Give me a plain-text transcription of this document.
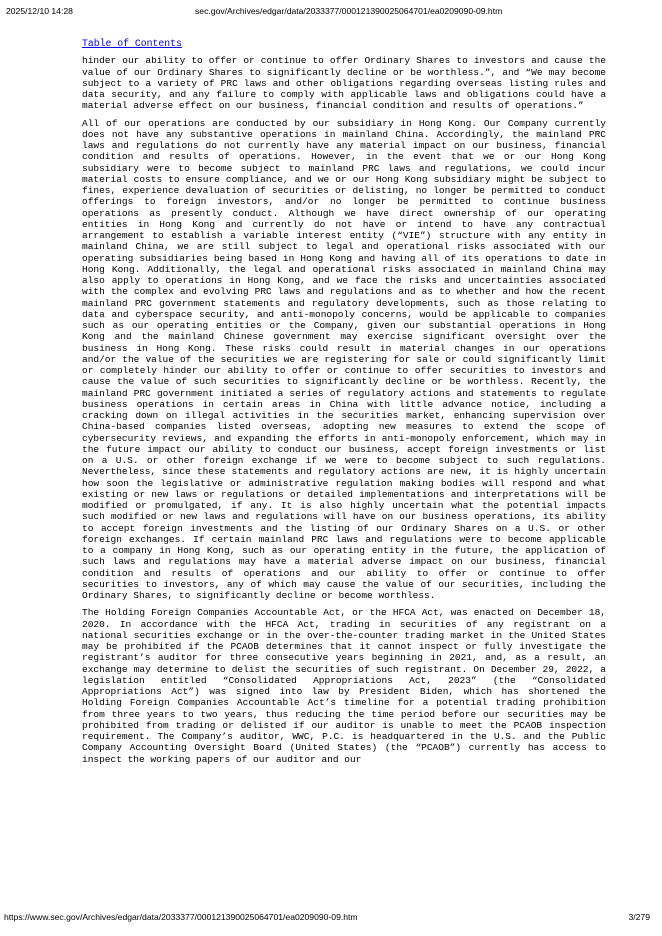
2025/12/10 14:28	sec.gov/Archives/edgar/data/2033377/000121390025064701/ea0209090-09.htm
Table of Contents

hinder our ability to offer or continue to offer Ordinary Shares to investors and cause the value of our Ordinary Shares to significantly decline or be worthless.”, and “We may become subject to a variety of PRC laws and other obligations regarding overseas listing rules and data security, and any failure to comply with applicable laws and obligations could have a material adverse effect on our business, financial condition and results of operations.”

All of our operations are conducted by our subsidiary in Hong Kong. Our Company currently does not have any substantive operations in mainland China. Accordingly, the mainland PRC laws and regulations do not currently have any material impact on our business, financial condition and results of operations. However, in the event that we or our Hong Kong subsidiary were to become subject to mainland PRC laws and regulations, we could incur material costs to ensure compliance, and we or our Hong Kong subsidiary might be subject to fines, experience devaluation of securities or delisting, no longer be permitted to conduct offerings to foreign investors, and/or no longer be permitted to continue business operations as presently conduct. Although we have direct ownership of our operating entities in Hong Kong and currently do not have or intend to have any contractual arrangement to establish a variable interest entity (“VIE”) structure with any entity in mainland China, we are still subject to legal and operational risks associated with our operating subsidiaries being based in Hong Kong and having all of its operations to date in Hong Kong. Additionally, the legal and operational risks associated in mainland China may also apply to operations in Hong Kong, and we face the risks and uncertainties associated with the complex and evolving PRC laws and regulations and as to whether and how the recent mainland PRC government statements and regulatory developments, such as those relating to data and cyberspace security, and anti-monopoly concerns, would be applicable to companies such as our operating entities or the Company, given our substantial operations in Hong Kong and the mainland Chinese government may exercise significant oversight over the business in Hong Kong. These risks could result in material changes in our operations and/or the value of the securities we are registering for sale or could significantly limit or completely hinder our ability to offer or continue to offer securities to investors and cause the value of such securities to significantly decline or be worthless. Recently, the mainland PRC government initiated a series of regulatory actions and statements to regulate business operations in certain areas in China with little advance notice, including a cracking down on illegal activities in the securities market, enhancing supervision over China-based companies listed overseas, adopting new measures to extend the scope of cybersecurity reviews, and expanding the efforts in anti-monopoly enforcement, which may in the future impact our ability to conduct our business, accept foreign investments or list on a U.S. or other foreign exchange if we were to become subject to such regulations. Nevertheless, since these statements and regulatory actions are new, it is highly uncertain how soon the legislative or administrative regulation making bodies will respond and what existing or new laws or regulations or detailed implementations and interpretations will be modified or promulgated, if any. It is also highly uncertain what the potential impacts such modified or new laws and regulations will have on our business operations, its ability to accept foreign investments and the listing of our Ordinary Shares on a U.S. or other foreign exchanges. If certain mainland PRC laws and regulations were to become applicable to a company in Hong Kong, such as our operating entity in the future, the application of such laws and regulations may have a material adverse impact on our business, financial condition and results of operations and our ability to offer or continue to offer securities to investors, any of which may cause the value of our securities, including the Ordinary Shares, to significantly decline or become worthless.

The Holding Foreign Companies Accountable Act, or the HFCA Act, was enacted on December 18, 2020. In accordance with the HFCA Act, trading in securities of any registrant on a national securities exchange or in the over-the-counter trading market in the United States may be prohibited if the PCAOB determines that it cannot inspect or fully investigate the registrant’s auditor for three consecutive years beginning in 2021, and, as a result, an exchange may determine to delist the securities of such registrant. On December 29, 2022, a legislation entitled “Consolidated Appropriations Act, 2023” (the “Consolidated Appropriations Act”) was signed into law by President Biden, which has shortened the Holding Foreign Companies Accountable Act’s timeline for a potential trading prohibition from three years to two years, thus reducing the time period before our securities may be prohibited from trading or delisted if our auditor is unable to meet the PCAOB inspection requirement. The Company’s auditor, WWC, P.C. is headquartered in the U.S. and the Public Company Accounting Oversight Board (United States) (the “PCAOB”) currently has access to inspect the working papers of our auditor and our

https://www.sec.gov/Archives/edgar/data/2033377/000121390025064701/ea0209090-09.htm	3/279
